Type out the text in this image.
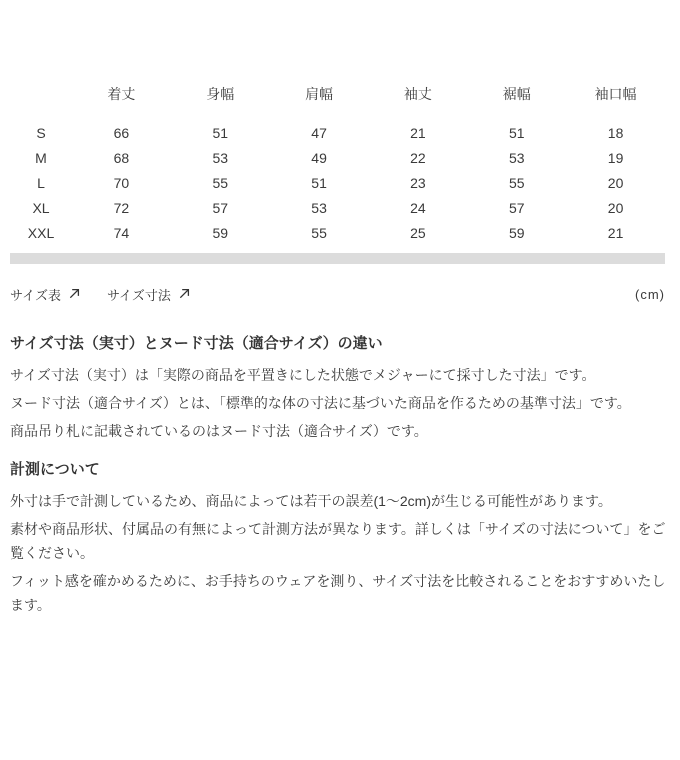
	着丈	身幅	肩幅	袖丈	裾幅	袖口幅
S	66	51	47	21	51	18
M	68	53	49	22	53	19
L	70	55	51	23	55	20
XL	72	57	53	24	57	20
XXL	74	59	55	25	59	21
サイズ表	サイズ寸法	(cm)
サイズ寸法（実寸）とヌード寸法（適合サイズ）の違い

サイズ寸法（実寸）は「実際の商品を平置きにした状態でメジャーにて採寸した寸法」です。

ヌード寸法（適合サイズ）とは、「標準的な体の寸法に基づいた商品を作るための基準寸法」です。

商品吊り札に記載されているのはヌード寸法（適合サイズ）です。

計測について

外寸は手で計測しているため、商品によっては若干の誤差(1〜2cm)が生じる可能性があります。

素材や商品形状、付属品の有無によって計測方法が異なります。詳しくは「サイズの寸法について」をご覧ください。

フィット感を確かめるために、お手持ちのウェアを測り、サイズ寸法を比較されることをおすすめいたします。
